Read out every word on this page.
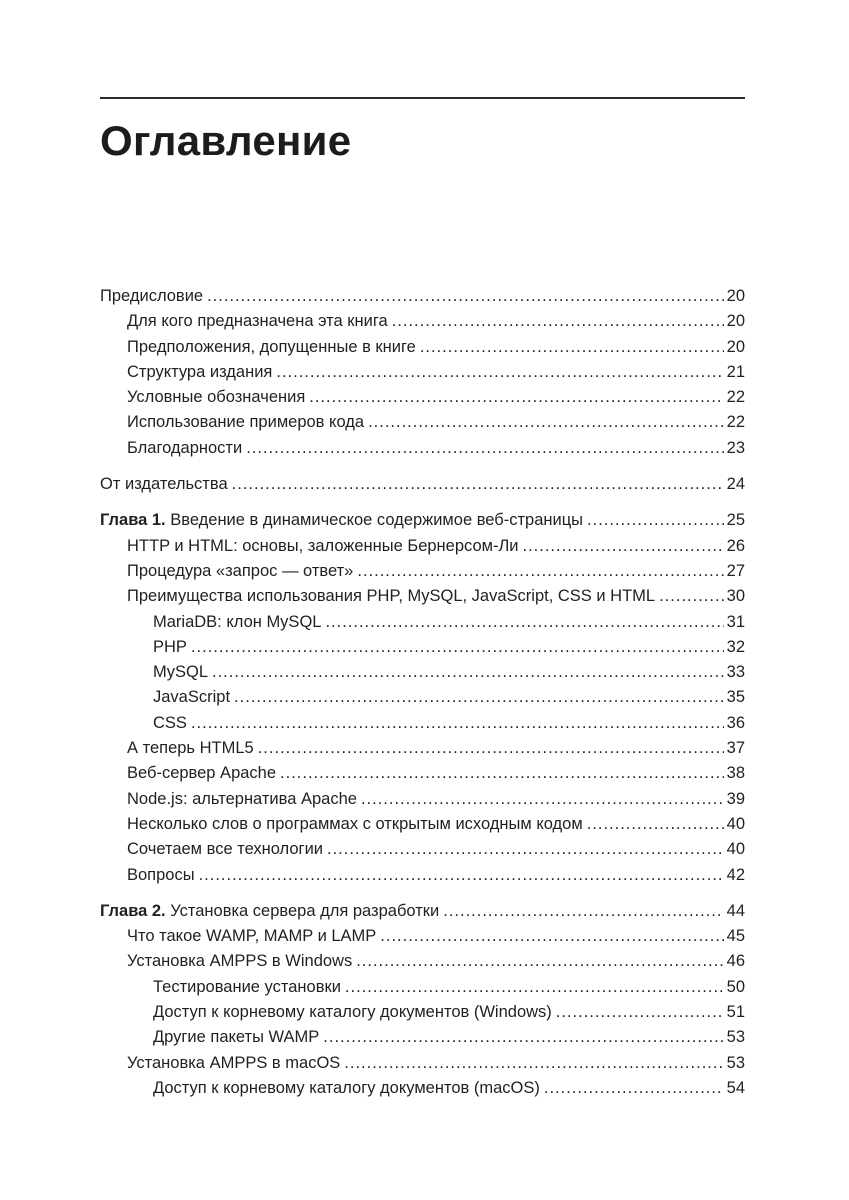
Оглавление
Предисловие .....	20
Для кого предназначена эта книга .....	20
Предположения, допущенные в книге .....	20
Структура издания .....	21
Условные обозначения .....	22
Использование примеров кода .....	22
Благодарности .....	23
От издательства .....	24
Глава 1. Введение в динамическое содержимое веб-страницы .....	25
HTTP и HTML: основы, заложенные Бернерсом-Ли .....	26
Процедура «запрос — ответ» .....	27
Преимущества использования PHP, MySQL, JavaScript, CSS и HTML .....	30
MariaDB: клон MySQL .....	31
PHP .....	32
MySQL .....	33
JavaScript .....	35
CSS .....	36
А теперь HTML5 .....	37
Веб-сервер Apache .....	38
Node.js: альтернатива Apache .....	39
Несколько слов о программах с открытым исходным кодом .....	40
Сочетаем все технологии .....	40
Вопросы .....	42
Глава 2. Установка сервера для разработки .....	44
Что такое WAMP, MAMP и LAMP .....	45
Установка AMPPS в Windows .....	46
Тестирование установки .....	50
Доступ к корневому каталогу документов (Windows) .....	51
Другие пакеты WAMP .....	53
Установка AMPPS в macOS .....	53
Доступ к корневому каталогу документов (macOS) .....	54
